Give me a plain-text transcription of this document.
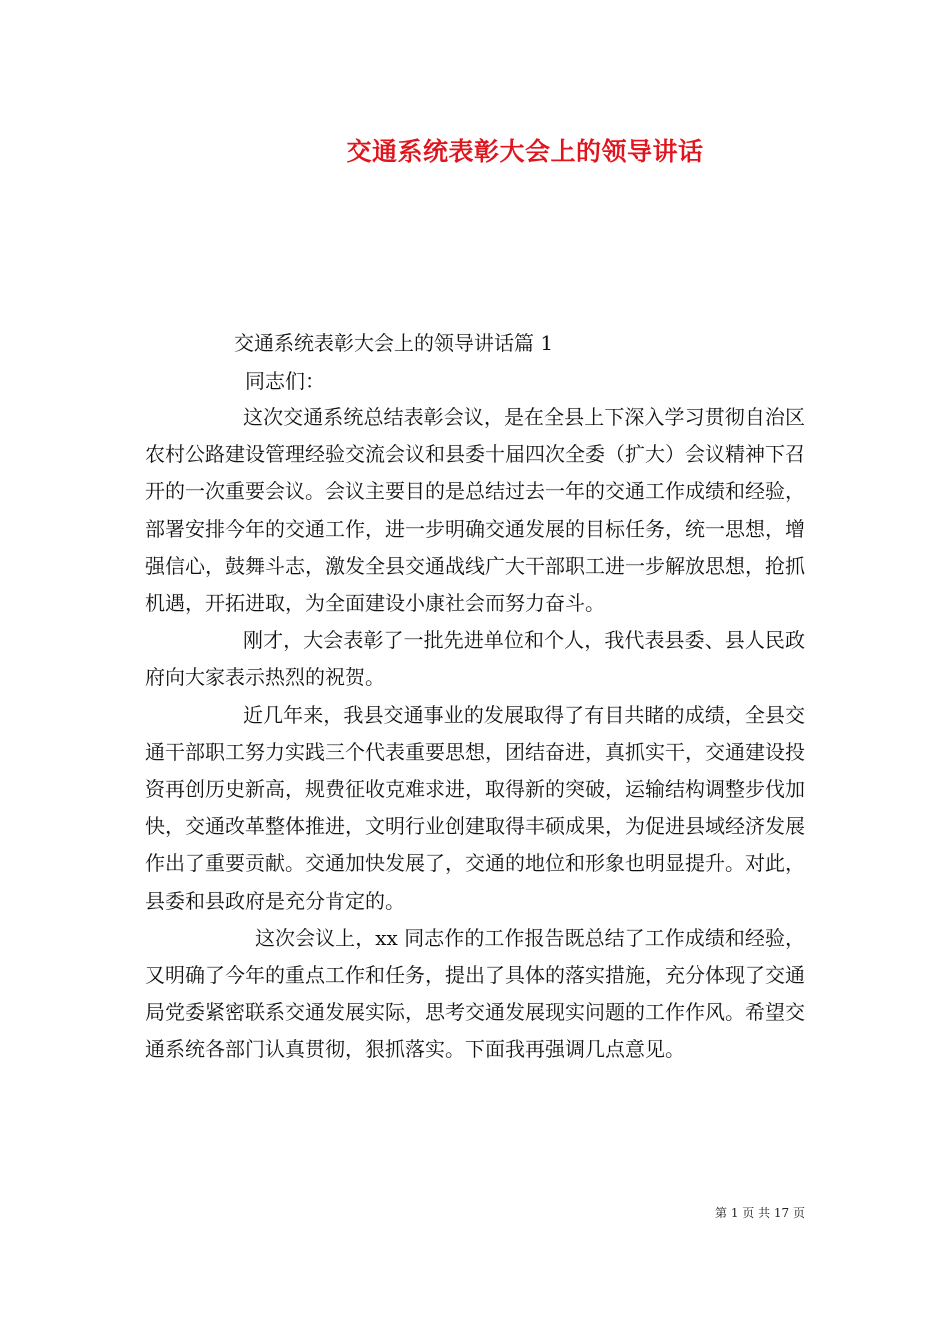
交通系统表彰大会上的领导讲话

交通系统表彰大会上的领导讲话篇 1

同志们：

这次交通系统总结表彰会议，是在全县上下深入学习贯彻自治区农村公路建设管理经验交流会议和县委十届四次全委（扩大）会议精神下召开的一次重要会议。会议主要目的是总结过去一年的交通工作成绩和经验，部署安排今年的交通工作，进一步明确交通发展的目标任务，统一思想，增强信心，鼓舞斗志，激发全县交通战线广大干部职工进一步解放思想，抢抓机遇，开拓进取，为全面建设小康社会而努力奋斗。

刚才，大会表彰了一批先进单位和个人，我代表县委、县人民政府向大家表示热烈的祝贺。

近几年来，我县交通事业的发展取得了有目共睹的成绩，全县交通干部职工努力实践三个代表重要思想，团结奋进，真抓实干，交通建设投资再创历史新高，规费征收克难求进，取得新的突破，运输结构调整步伐加快，交通改革整体推进，文明行业创建取得丰硕成果，为促进县域经济发展作出了重要贡献。交通加快发展了，交通的地位和形象也明显提升。对此，县委和县政府是充分肯定的。

这次会议上，xx 同志作的工作报告既总结了工作成绩和经验，又明确了今年的重点工作和任务，提出了具体的落实措施，充分体现了交通局党委紧密联系交通发展实际，思考交通发展现实问题的工作作风。希望交通系统各部门认真贯彻，狠抓落实。下面我再强调几点意见。

第 1 页 共 17 页
